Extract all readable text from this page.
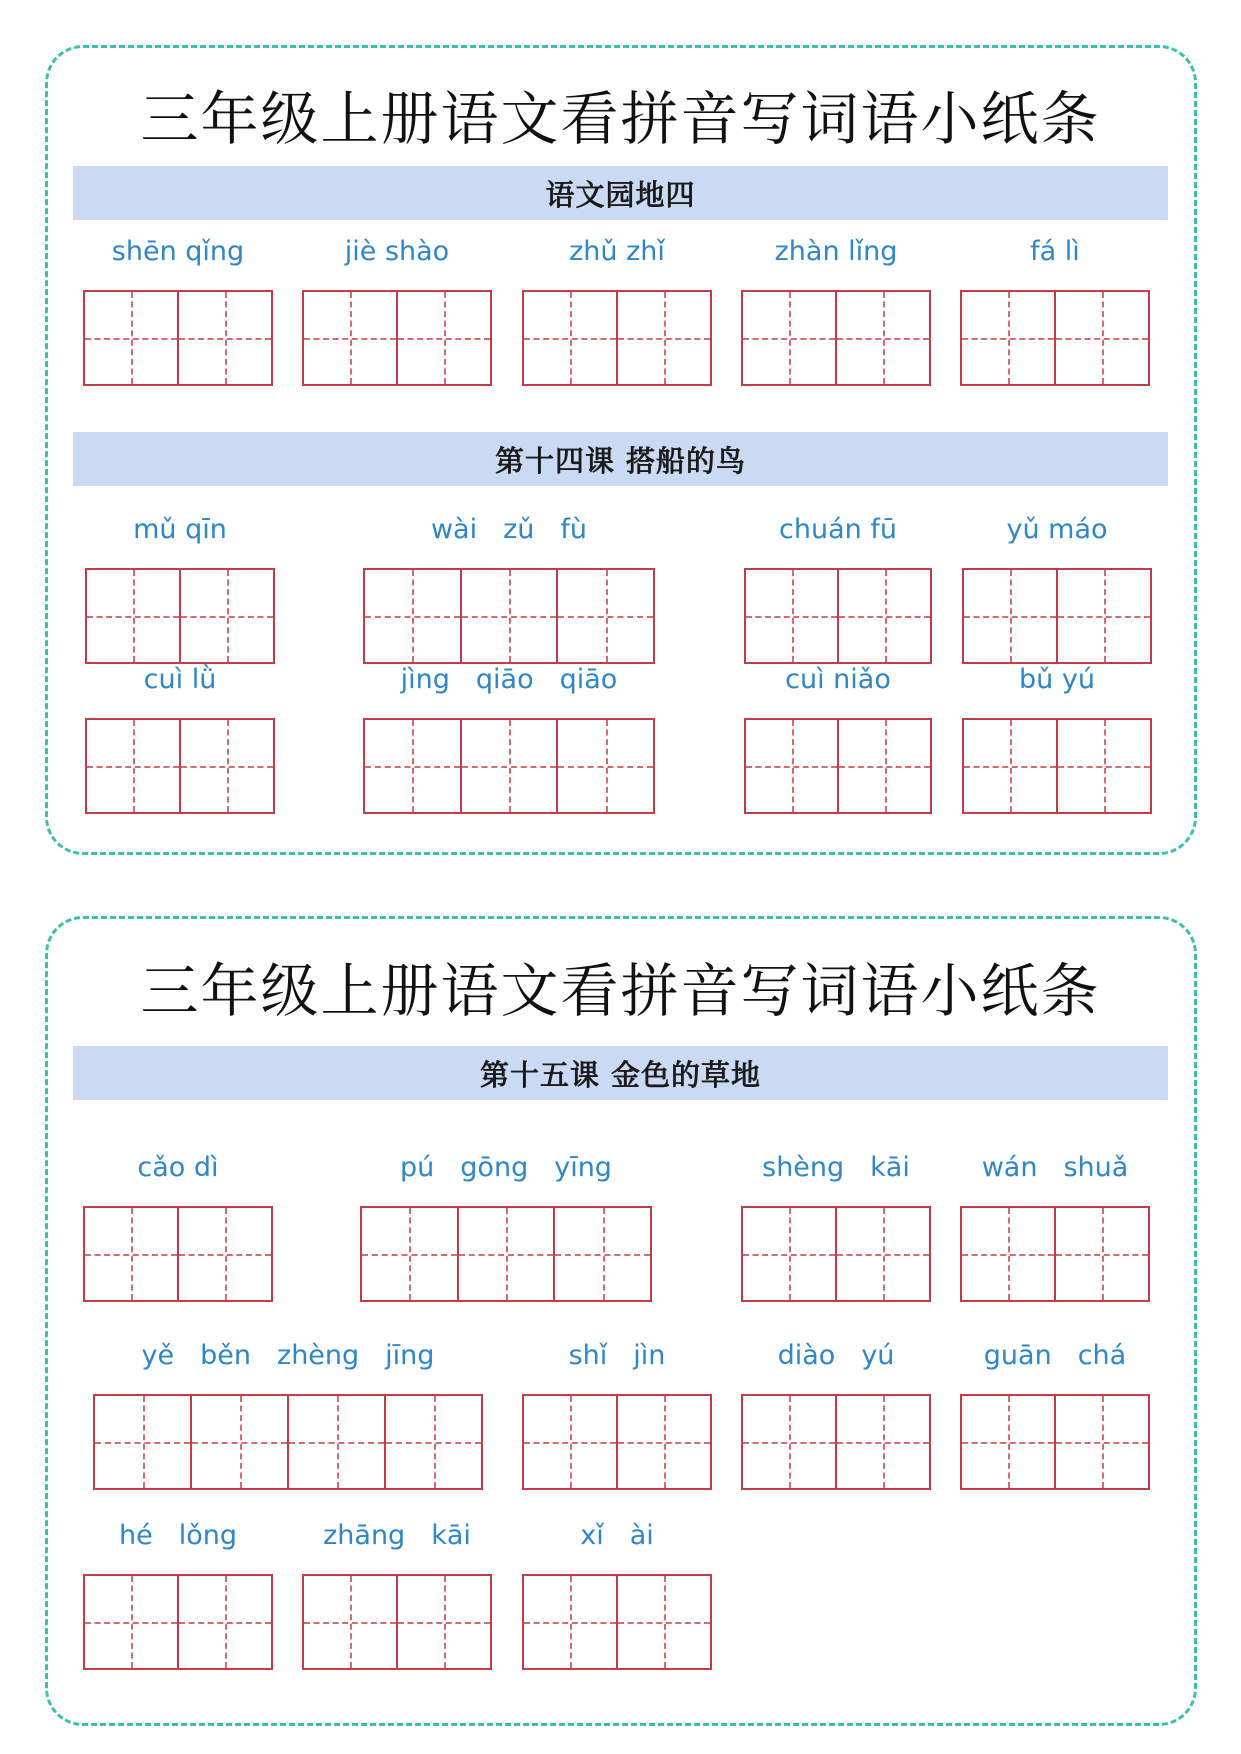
三年级上册语文看拼音写词语小纸条
语文园地四
第十四课 搭船的鸟
三年级上册语文看拼音写词语小纸条
第十五课 金色的草地
shēn qǐng	jiè shào	zhǔ zhǐ	zhàn lǐng	fá lì
mǔ qīn	wài zǔ fù	chuán fū	yǔ máo
cuì lǜ	jìng qiāo qiāo	cuì niǎo	bǔ yú
cǎo dì	pú gōng yīng	shèng kāi	wán shuǎ
yě běn zhèng jīng	shǐ jìn	diào yú	guān chá
hé lǒng	zhāng kāi	xǐ ài
